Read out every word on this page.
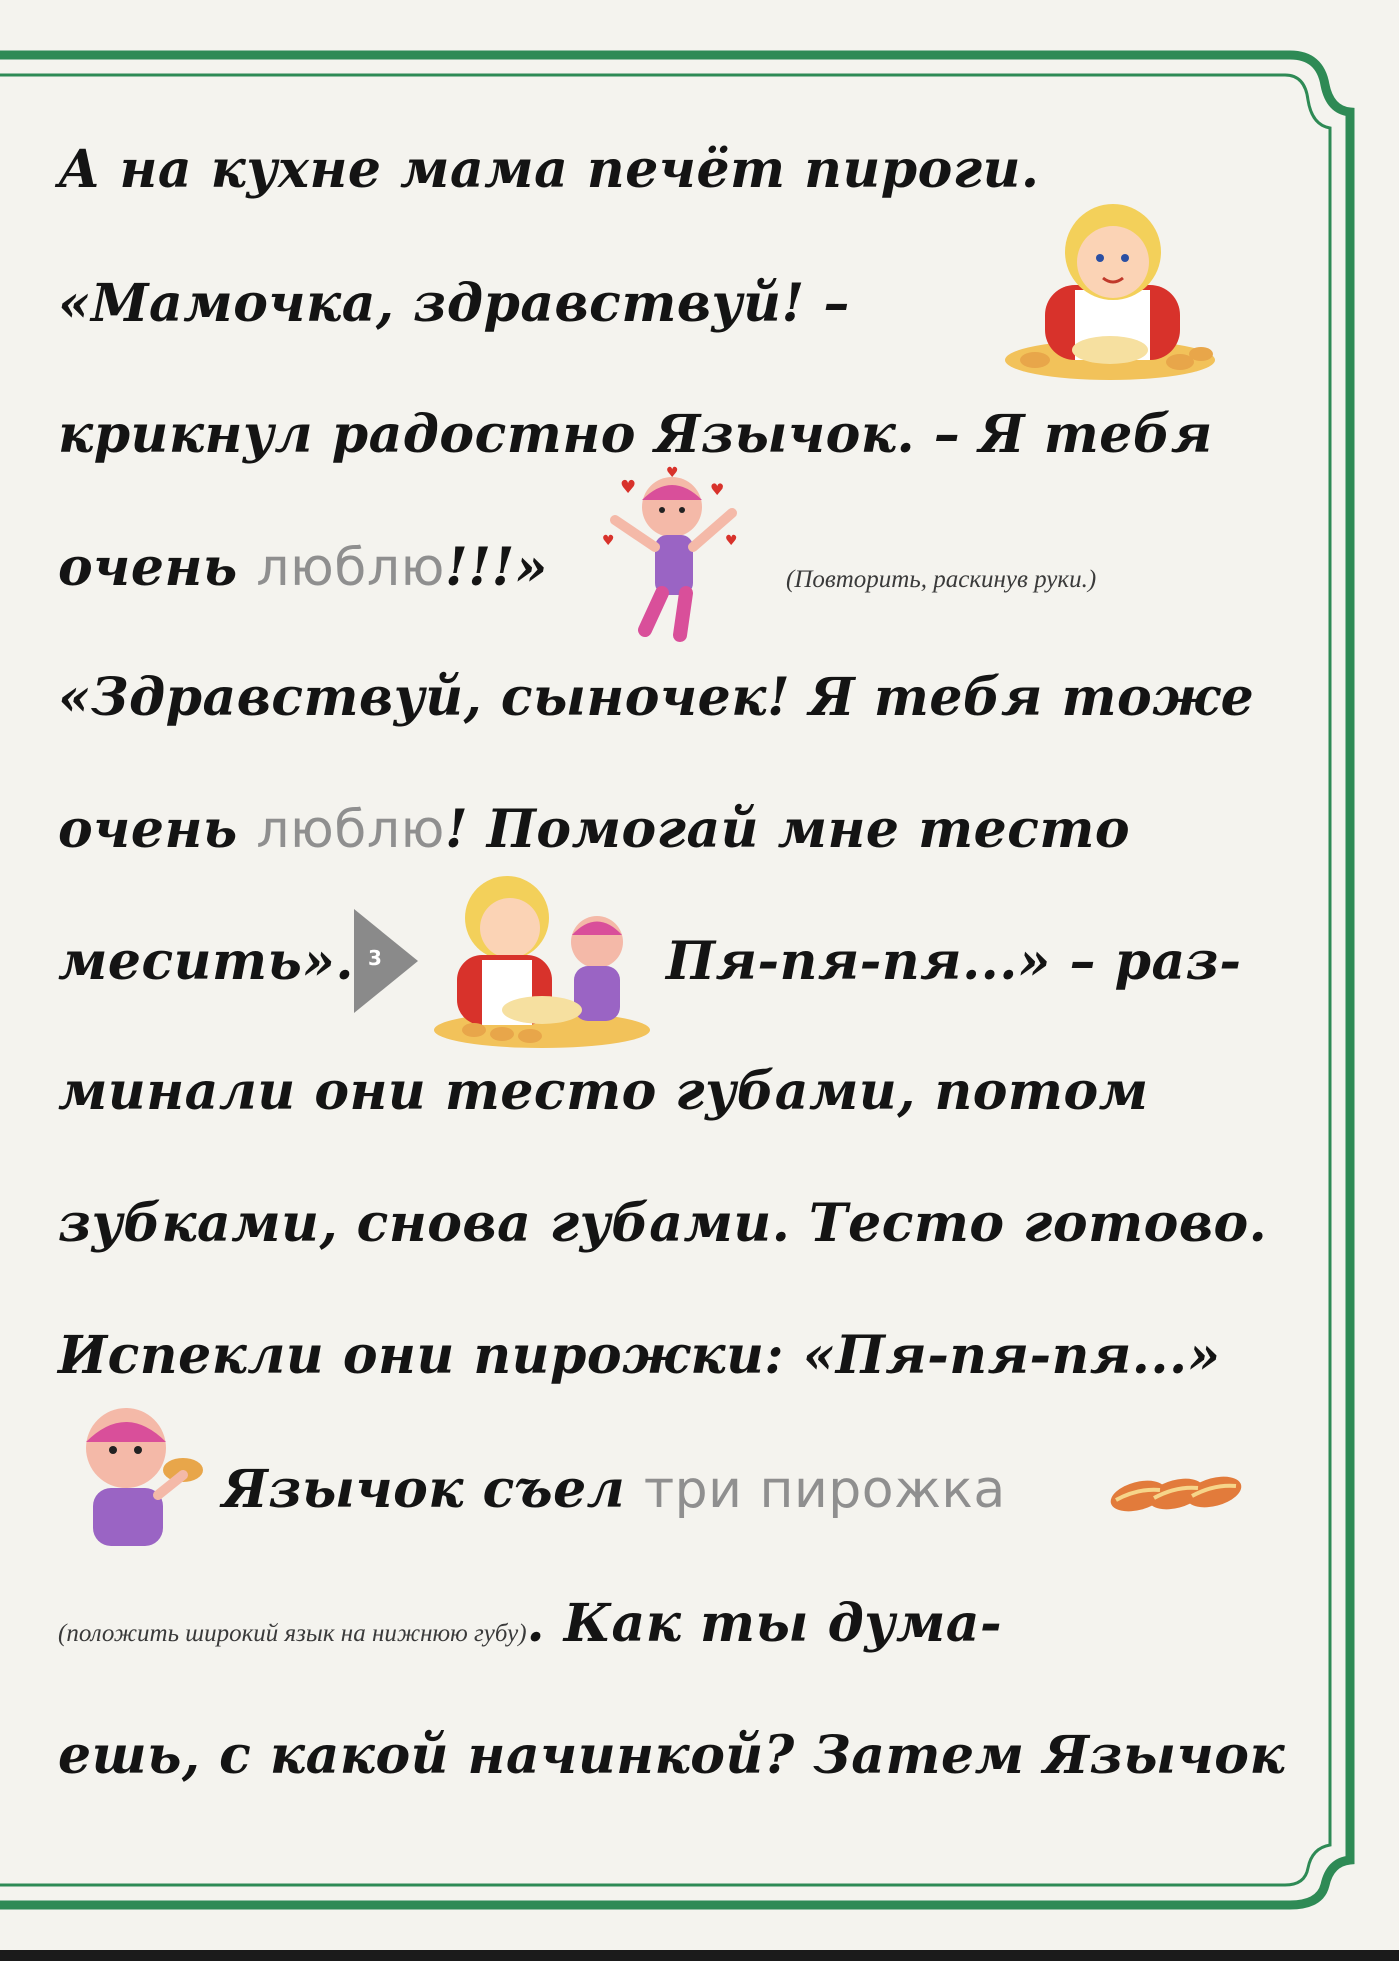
А на кухне мама печёт пироги.
«Мамочка, здравствуй! –
крикнул радостно Язычок. – Я тебя
♥	♥
♥
♥	♥
очень люблю!!!»	(Повторить, раскинув руки.)
«Здравствуй, сыночек! Я тебя тоже
очень люблю! Помогай мне тесто
месить».	Пя-пя-пя...» – раз-
3
минали они тесто губами, потом
зубками, снова губами. Тесто готово.
Испекли они пирожки: «Пя-пя-пя...»
Язычок съел три пирожка
(положить широкий язык на нижнюю губу). Как ты дума-
ешь, с какой начинкой? Затем Язычок
